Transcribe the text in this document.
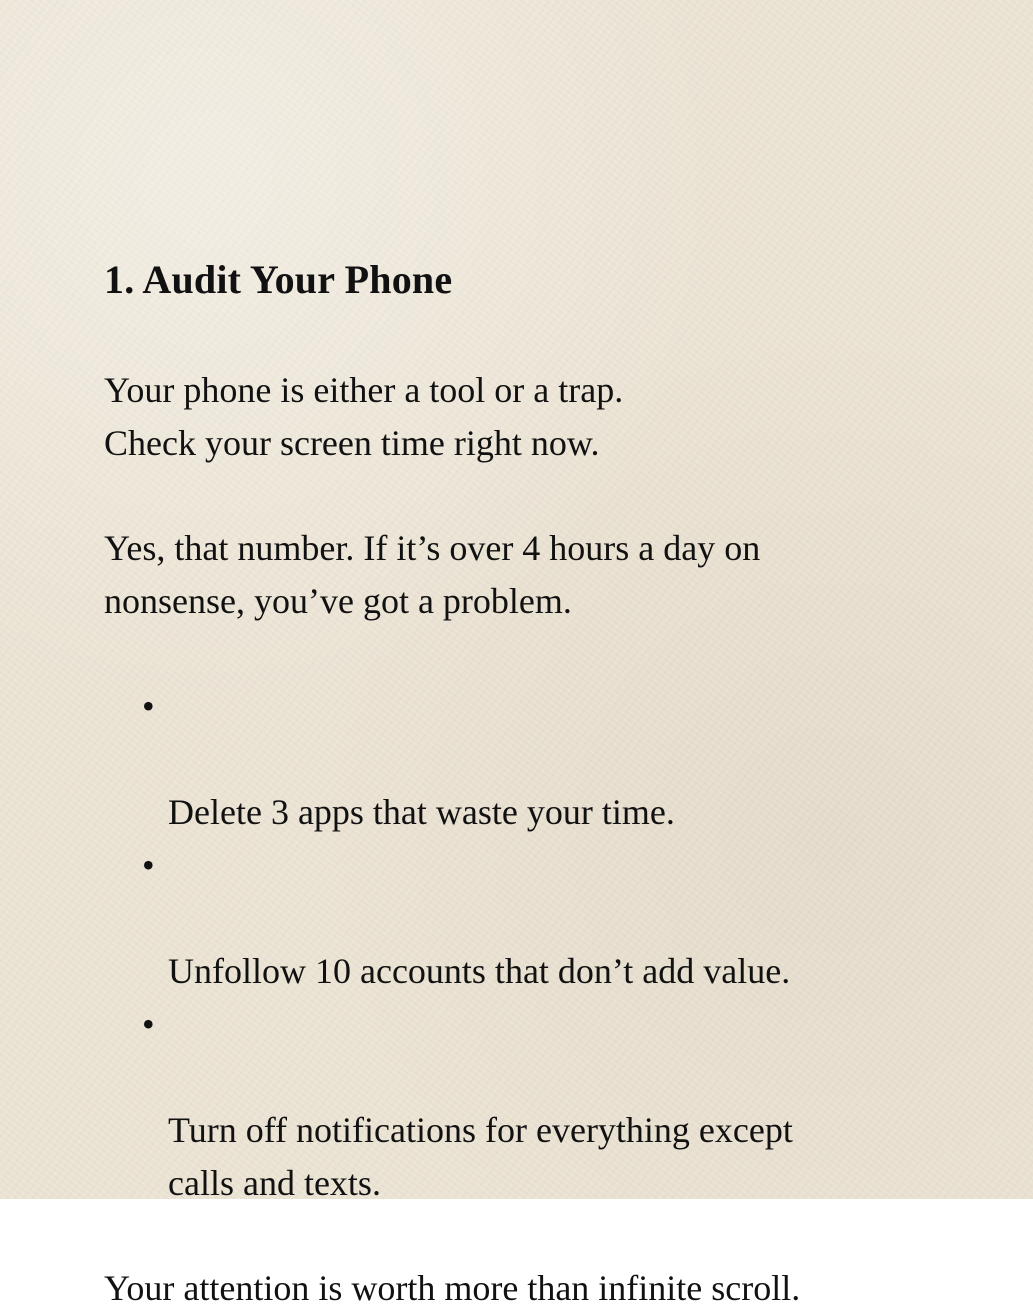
1. Audit Your Phone

Your phone is either a tool or a trap.
Check your screen time right now.

Yes, that number. If it’s over 4 hours a day on
nonsense, you’ve got a problem.

•

Delete 3 apps that waste your time.

•

Unfollow 10 accounts that don’t add value.

•

Turn off notifications for everything except
calls and texts.

Your attention is worth more than infinite scroll.
